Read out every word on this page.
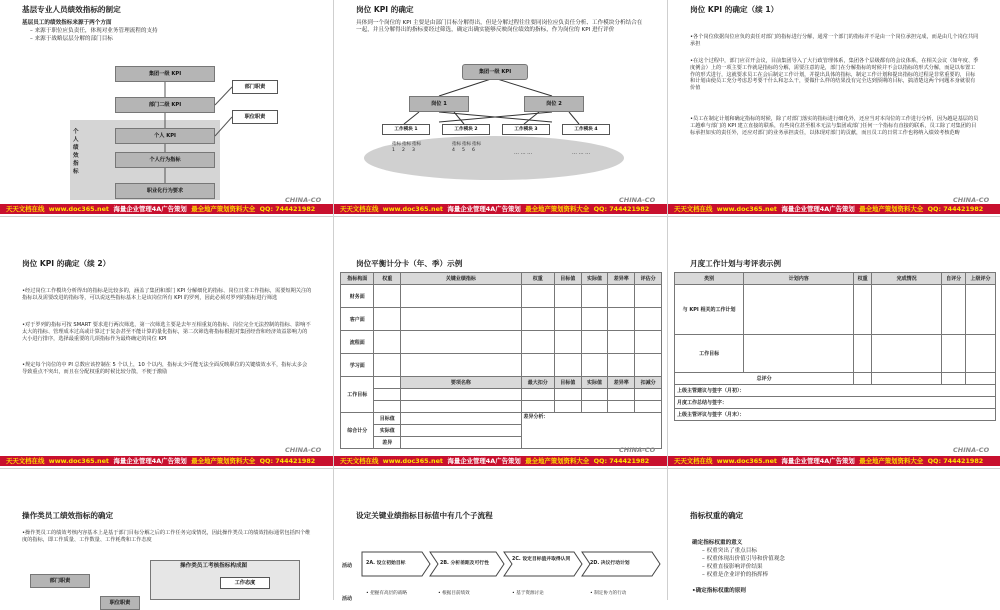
基层专业人员绩效指标的制定
基层员工的绩效指标来源于两个方面
– 来源于职位应负责任，体现对业务管理流程的支持
– 来源于战略层层分解的部门目标
个人绩效指标
集团一级 KPI
部门二级 KPI
个人 KPI
个人行为指标
职业化行为要求
部门职责
职位职责
CHINA-CO
天天文档在线 www.doc365.net 海量企业管理4A广告策划 最全地产策划资料大全 QQ: 744421982
岗位 KPI 的确定
具体到一个岗位的 KPI 主要是由部门目标分解得出，但是分解过程往往要同岗位应负责任分析、工作模块分析结合在一起，并且分解得出的指标要经过筛选，确定出确实能够反映岗位绩效的指标，作为岗位的 KPI 进行评价
集团一级 KPI
岗位 1	岗位 2
工作模块 1	工作模块 2	工作模块 3	工作模块 4
指标 1
指标 2
指标 3
指标 4
指标 5
指标 6	… … …	… … …
CHINA-CO
天天文档在线 www.doc365.net 海量企业管理4A广告策划 最全地产策划资料大全 QQ: 744421982
岗位 KPI 的确定（续 1）
•各个岗位依据岗位应负的责任对部门的指标进行分解，通常一个部门的指标并不是由一个岗位承担完成，而是由几个岗位共同承担
•在这个过程中，部门应召开会议，目前集团导入了大行政管理体系，集团各个层级都有的会议体系，在相关会议（如年度、季度例会）上的一项主要工作就是指标的分解，需要注意的是，部门在分解指标的时候并不会以指标的形式分解，而是以布置工作的形式进行，这就要求员工在会后制定工作计划，并提出具体的指标，制定工作计划和提出指标的过程是非常重要的，目标和计划由使员工充分考虑思考要干什么和怎么干，要做什么样的结果没有完全达到预期的目标，搞清楚这两个问题本身就很有价值
•员工在制定计划和确定指标的时候，除了对部门落实的指标进行细化外，还应当对本岗位的工作进行分析，因为越是基层的员工越难与部门的 KPI 建立直接的联系，有些岗位甚至根本无法与集团或部门任何一个指标有直接的联系，员工除了对集团的目标承担如实的责任外，还应对部门的业务承担责任，以体现对部门的贡献，而且员工的日常工作也将纳入绩效考核范畴
CHINA-CO
天天文档在线 www.doc365.net 海量企业管理4A广告策划 最全地产策划资料大全 QQ: 744421982
岗位 KPI 的确定（续 2）
•经过岗位工作模块分析得出的指标是比较多的，涵盖了集团和部门 KPI 分解细化的指标、岗位日常工作指标，需要短期关注的指标以及需要改进的指标等，可以说这些指标基本上是该岗位所有 KPI 的罗列，因此必须对罗列的指标进行筛选
•对于罗列的指标可按 SMART 要求进行两次筛选，第一次筛选主要是去年互相重复的指标、岗位完全无法控制的指标、影响不太大的指标、管理成本过高或计算过于复杂甚至不能计算的量化指标，第二次筛选将指标根据对集团经营和经济效益影响力的大小进行排序，选择最重要的几项指标作为最终确定的岗位 KPI
•规定每个岗位的中 PI 总数应该控制在 5 个以上，10 个以内，指标太少可能无法全面反映职位的关键绩效水平，指标太多会导致重点不突出，而且在分配权重的时候比较分散，不便于激励
CHINA-CO
天天文档在线 www.doc365.net 海量企业管理4A广告策划 最全地产策划资料大全 QQ: 744421982
岗位平衡计分卡（年、季）示例
指标构面	权重	关键业绩指标	权重	目标值	实际值	差异率	评估分
财务面							
客户面							
流程面							
学习面							
工作目标		要项名称	最大扣分	目标值	实际值	差异率	扣减分

综合计分	目标值		差异分析：				
	实际值						
	差异						
CHINA-CO
天天文档在线 www.doc365.net 海量企业管理4A广告策划 最全地产策划资料大全 QQ: 744421982
月度工作计划与考评表示例
类别	计划内容	权重	完成情况	自评分	上级评分
与 KPI 相关的工作计划					
工作目标					
总评分					
上级主管建议与签字（月初）：					
月度工作总结与签字：					
上级主管评议与签字（月末）：					
CHINA-CO
天天文档在线 www.doc365.net 海量企业管理4A广告策划 最全地产策划资料大全 QQ: 744421982
操作类员工绩效指标的确定
•操作类员工的绩效考核内容基本上是基于部门目标分解之后的工作任务完成情况，因此操作类员工的绩效指标通常包括四个维度的指标，即工作质量、工作数量、工作耗费和工作态度
操作类员工考核指标构成图
工作态度
部门职责
职位职责
设定关键业绩指标目标值中有几个子流程
活动
活动
2A. 设立初始目标	2B. 分析差距及可行性
2C. 设定目标值并取得认同
2D. 决议行动计划
• 把握有高层的战略	• 根据目前绩效	• 基于资源讨论	• 制定协力的行动
指标权重的确定
确定指标权重的意义
– 权重突出了重点目标
– 权重体现出价值引导和价值观念
– 权重直接影响评价结果
– 权重是企业评价的指挥棒
•确定指标权重的原则
